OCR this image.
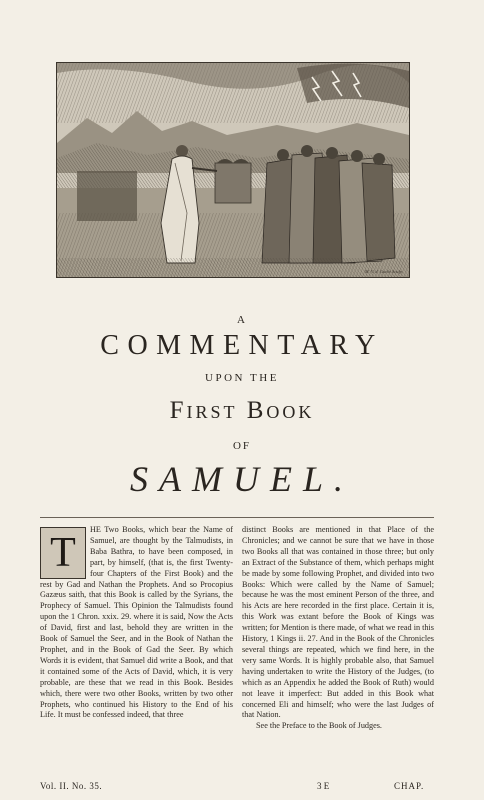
M. V. d. Gucht Sculp.
A
COMMENTARY
UPON THE
First Book
OF
SAMUEL.
T

HE Two Books, which bear the Name of Samuel, are thought by the Talmudists, in Baba Bathra, to have been composed, in part, by himself, (that is, the first Twenty-four Chapters of the First Book) and the rest by Gad and Nathan the Prophets. And so Procopius Gazæus saith, that this Book is called by the Syrians, the Prophecy of Samuel. This Opinion the Talmudists found upon the 1 Chron. xxix. 29. where it is said, Now the Acts of David, first and last, behold they are written in the Book of Samuel the Seer, and in the Book of Nathan the Prophet, and in the Book of Gad the Seer. By which Words it is evident, that Samuel did write a Book, and that it contained some of the Acts of David, which, it is very probable, are these that we read in this Book. Besides which, there were two other Books, written by two other Prophets, who continued his History to the End of his Life. It must be confessed indeed, that three

distinct Books are mentioned in that Place of the Chronicles; and we cannot be sure that we have in those two Books all that was contained in those three; but only an Extract of the Substance of them, which perhaps might be made by some following Prophet, and divided into two Books: Which were called by the Name of Samuel; because he was the most eminent Person of the three, and his Acts are here recorded in the first place. Certain it is, this Work was extant before the Book of Kings was written; for Mention is there made, of what we read in this History, 1 Kings ii. 27. And in the Book of the Chronicles several things are repeated, which we find here, in the very same Words. It is highly probable also, that Samuel having undertaken to write the History of the Judges, (to which as an Appendix he added the Book of Ruth) would not leave it imperfect: But added in this Book what concerned Eli and himself; who were the last Judges of that Nation.

See the Preface to the Book of Judges.

Vol. II. No. 35.	3 E	CHAP.
